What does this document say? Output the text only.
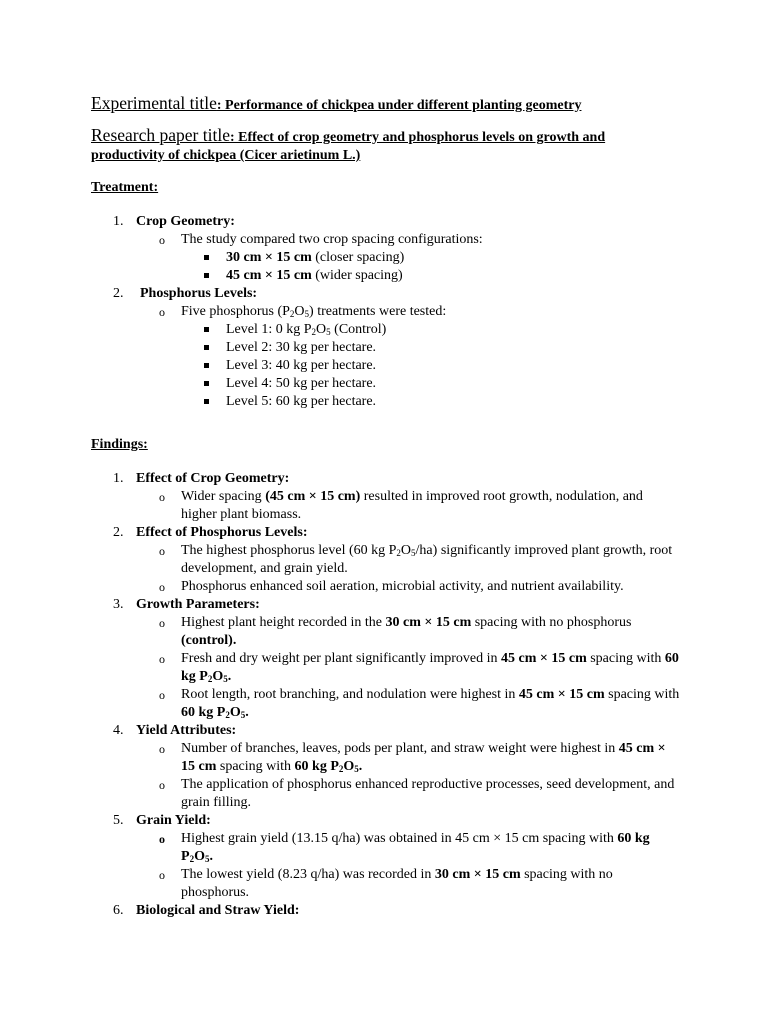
Experimental title: Performance of chickpea under different planting geometry

Research paper title: Effect of crop geometry and phosphorus levels on growth and productivity of chickpea (Cicer arietinum L.)

Treatment:

1. Crop Geometry:
o The study compared two crop spacing configurations:
30 cm × 15 cm (closer spacing)
45 cm × 15 cm (wider spacing)
2. Phosphorus Levels:
o Five phosphorus $(P_2O_5)$ treatments were tested:
Level 1: 0 kg $P_2O_5$ (Control)
Level 2: 30 kg per hectare.
Level 3: 40 kg per hectare.
Level 4: 50 kg per hectare.
Level 5: 60 kg per hectare.

Findings:

1. Effect of Crop Geometry:
o Wider spacing (45 cm × 15 cm) resulted in improved root growth, nodulation, and higher plant biomass.
2. Effect of Phosphorus Levels:
o The highest phosphorus level (60 kg $P_2O_5/ha$) significantly improved plant growth, root development, and grain yield.
o Phosphorus enhanced soil aeration, microbial activity, and nutrient availability.
3. Growth Parameters:
o Highest plant height recorded in the 30 cm × 15 cm spacing with no phosphorus (control).
o Fresh and dry weight per plant significantly improved in 45 cm × 15 cm spacing with 60 kg $P_2O_5$.
o Root length, root branching, and nodulation were highest in 45 cm × 15 cm spacing with 60 kg $P_2O_5$.
4. Yield Attributes:
o Number of branches, leaves, pods per plant, and straw weight were highest in 45 cm × 15 cm spacing with 60 kg $P_2O_5$.
o The application of phosphorus enhanced reproductive processes, seed development, and grain filling.
5. Grain Yield:
o Highest grain yield (13.15 q/ha) was obtained in 45 cm × 15 cm spacing with 60 kg $P_2O_5$.
o The lowest yield (8.23 q/ha) was recorded in 30 cm × 15 cm spacing with no phosphorus.
6. Biological and Straw Yield:
